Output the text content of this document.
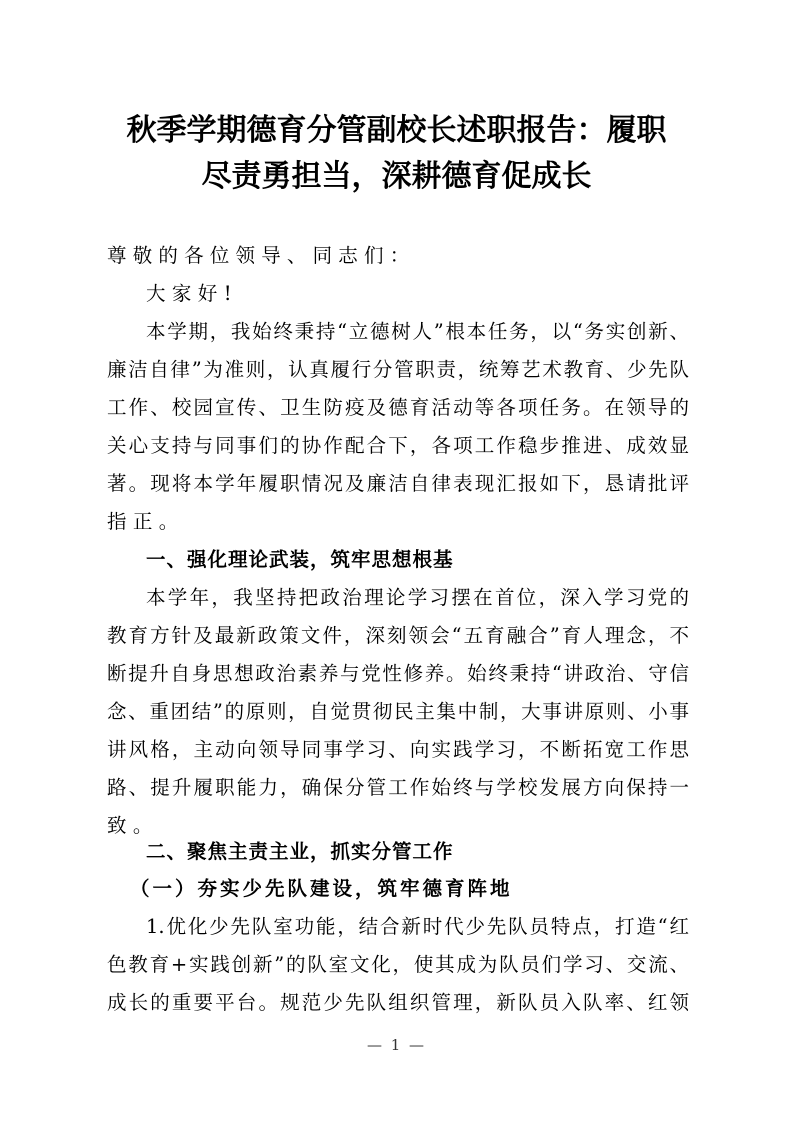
秋季学期德育分管副校长述职报告：履职
尽责勇担当，深耕德育促成长
尊敬的各位领导、同志们：
大家好!
本学期，我始终秉持“立德树人”根本任务，以“务实创新、
廉洁自律”为准则，认真履行分管职责，统筹艺术教育、少先队
工作、校园宣传、卫生防疫及德育活动等各项任务。在领导的
关心支持与同事们的协作配合下，各项工作稳步推进、成效显
著。现将本学年履职情况及廉洁自律表现汇报如下，恳请批评
指正。
一、强化理论武装，筑牢思想根基
本学年，我坚持把政治理论学习摆在首位，深入学习党的
教育方针及最新政策文件，深刻领会“五育融合”育人理念，不
断提升自身思想政治素养与党性修养。始终秉持“讲政治、守信
念、重团结”的原则，自觉贯彻民主集中制，大事讲原则、小事
讲风格，主动向领导同事学习、向实践学习，不断拓宽工作思
路、提升履职能力，确保分管工作始终与学校发展方向保持一
致。
二、聚焦主责主业，抓实分管工作
（一）夯实少先队建设，筑牢德育阵地
1.优化少先队室功能，结合新时代少先队员特点，打造“红
色教育+实践创新”的队室文化，使其成为队员们学习、交流、
成长的重要平台。规范少先队组织管理，新队员入队率、红领
— 1 —
